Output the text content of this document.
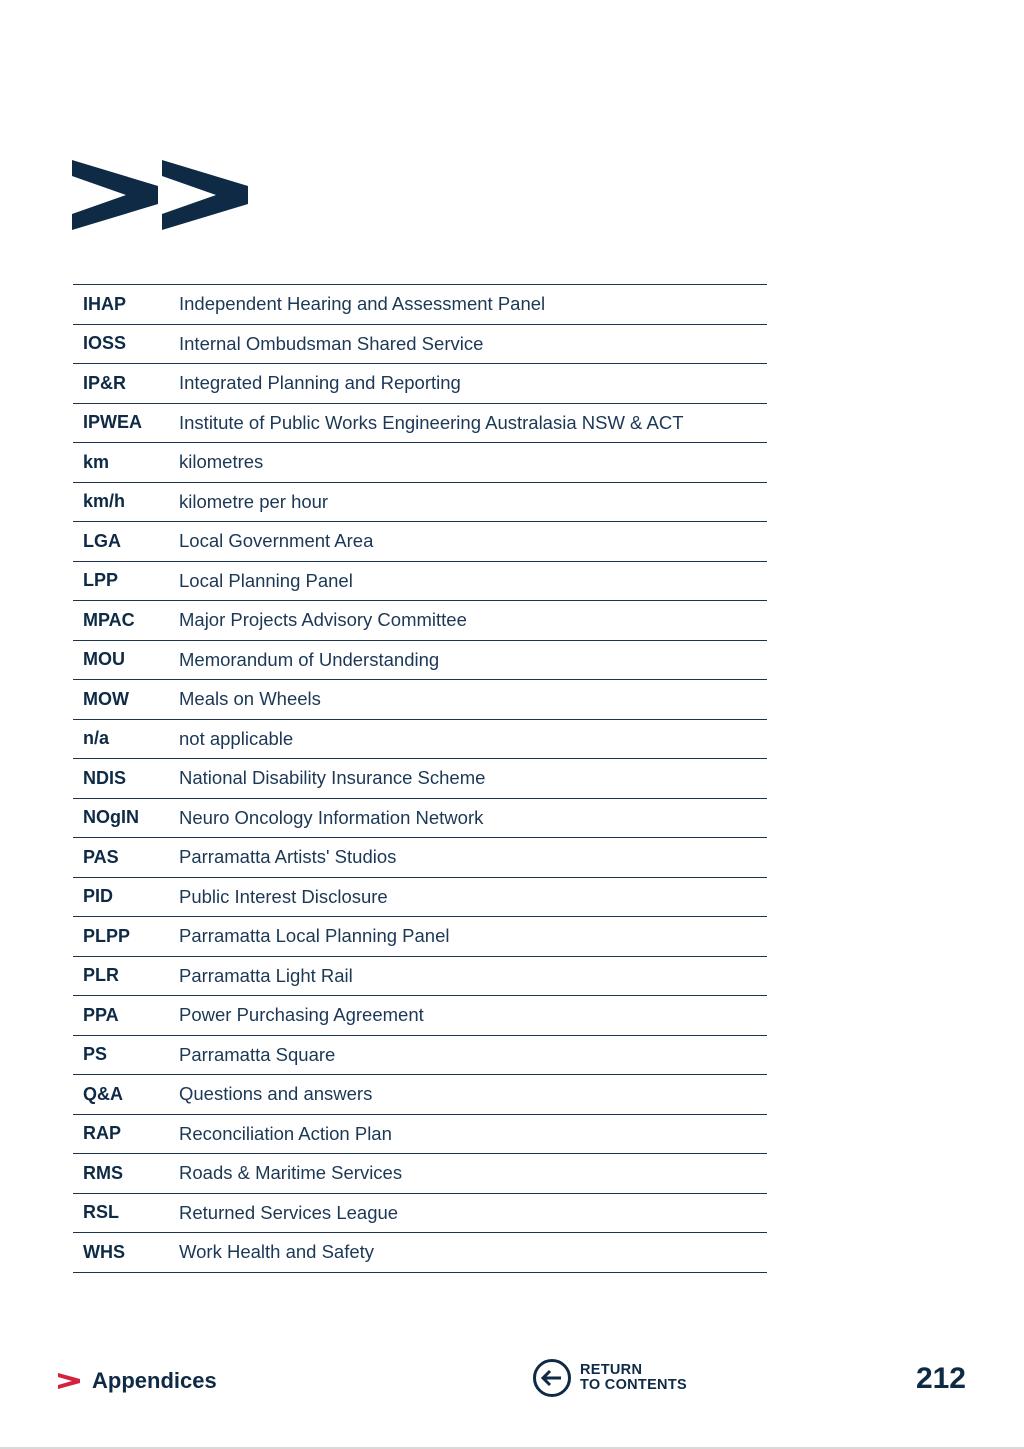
IHAP	Independent Hearing and Assessment Panel
IOSS	Internal Ombudsman Shared Service
IP&R	Integrated Planning and Reporting
IPWEA	Institute of Public Works Engineering Australasia NSW & ACT
km	kilometres
km/h	kilometre per hour
LGA	Local Government Area
LPP	Local Planning Panel
MPAC	Major Projects Advisory Committee
MOU	Memorandum of Understanding
MOW	Meals on Wheels
n/a	not applicable
NDIS	National Disability Insurance Scheme
NOgIN	Neuro Oncology Information Network
PAS	Parramatta Artists' Studios
PID	Public Interest Disclosure
PLPP	Parramatta Local Planning Panel
PLR	Parramatta Light Rail
PPA	Power Purchasing Agreement
PS	Parramatta Square
Q&A	Questions and answers
RAP	Reconciliation Action Plan
RMS	Roads & Maritime Services
RSL	Returned Services League
WHS	Work Health and Safety
Appendices	RETURN
TO CONTENTS	212
